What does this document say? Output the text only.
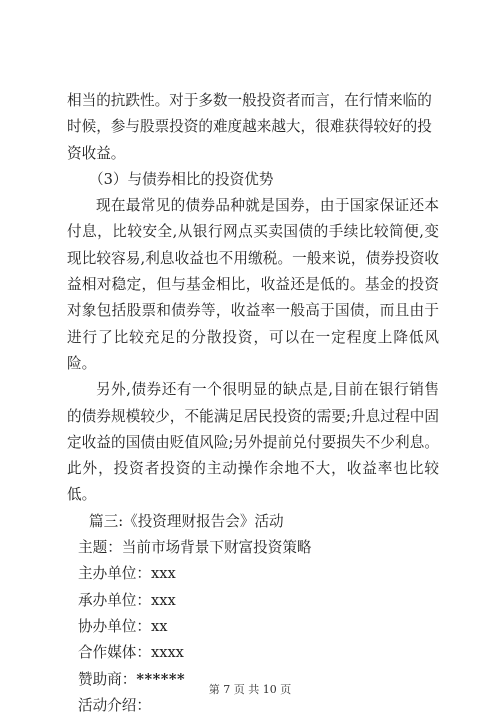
相当的抗跌性。对于多数一般投资者而言，在行情来临的时候，参与股票投资的难度越来越大，很难获得较好的投资收益。

（3）与债券相比的投资优势

现在最常见的债券品种就是国券，由于国家保证还本付息，比较安全,从银行网点买卖国债的手续比较简便,变现比较容易,利息收益也不用缴税。一般来说，债券投资收益相对稳定，但与基金相比，收益还是低的。基金的投资对象包括股票和债券等，收益率一般高于国债，而且由于进行了比较充足的分散投资，可以在一定程度上降低风险。

另外,债券还有一个很明显的缺点是,目前在银行销售的债券规模较少，不能满足居民投资的需要;升息过程中固定收益的国债由贬值风险;另外提前兑付要损失不少利息。此外，投资者投资的主动操作余地不大，收益率也比较低。

篇三:《投资理财报告会》活动

主题： 当前市场背景下财富投资策略
主办单位： xxx
承办单位： xxx
协办单位： xx
合作媒体： xxxx
赞助商： ******
活动介绍：
第 7 页 共 10 页
